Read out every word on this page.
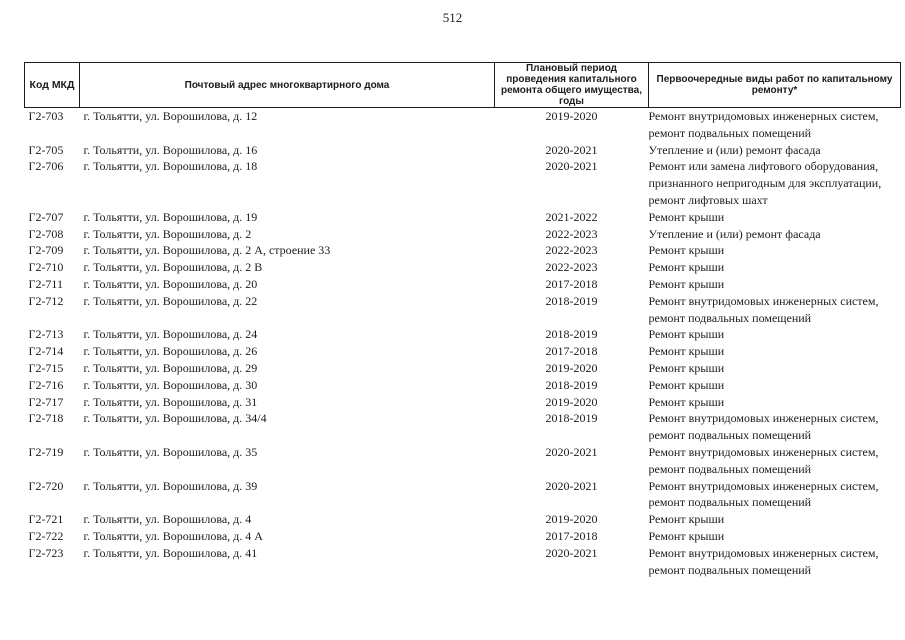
512
Код МКД	Почтовый адрес многоквартирного дома	Плановый период проведения капитального ремонта общего имущества, годы	Первоочередные виды работ по капитальному ремонту*
Г2-703	г. Тольятти, ул. Ворошилова, д. 12	2019-2020	Ремонт внутридомовых инженерных систем,
ремонт подвальных помещений

Г2-705	г. Тольятти, ул. Ворошилова, д. 16	2020-2021	Утепление и (или) ремонт фасада

Г2-706	г. Тольятти, ул. Ворошилова, д. 18	2020-2021	Ремонт или замена лифтового оборудования,
признанного непригодным для эксплуатации,
ремонт лифтовых шахт

Г2-707	г. Тольятти, ул. Ворошилова, д. 19	2021-2022	Ремонт крыши

Г2-708	г. Тольятти, ул. Ворошилова, д. 2	2022-2023	Утепление и (или) ремонт фасада

Г2-709	г. Тольятти, ул. Ворошилова, д. 2 А, строение 33	2022-2023	Ремонт крыши

Г2-710	г. Тольятти, ул. Ворошилова, д. 2 В	2022-2023	Ремонт крыши

Г2-711	г. Тольятти, ул. Ворошилова, д. 20	2017-2018	Ремонт крыши

Г2-712	г. Тольятти, ул. Ворошилова, д. 22	2018-2019	Ремонт внутридомовых инженерных систем,
ремонт подвальных помещений

Г2-713	г. Тольятти, ул. Ворошилова, д. 24	2018-2019	Ремонт крыши

Г2-714	г. Тольятти, ул. Ворошилова, д. 26	2017-2018	Ремонт крыши

Г2-715	г. Тольятти, ул. Ворошилова, д. 29	2019-2020	Ремонт крыши

Г2-716	г. Тольятти, ул. Ворошилова, д. 30	2018-2019	Ремонт крыши

Г2-717	г. Тольятти, ул. Ворошилова, д. 31	2019-2020	Ремонт крыши

Г2-718	г. Тольятти, ул. Ворошилова, д. 34/4	2018-2019	Ремонт внутридомовых инженерных систем,
ремонт подвальных помещений

Г2-719	г. Тольятти, ул. Ворошилова, д. 35	2020-2021	Ремонт внутридомовых инженерных систем,
ремонт подвальных помещений

Г2-720	г. Тольятти, ул. Ворошилова, д. 39	2020-2021	Ремонт внутридомовых инженерных систем,
ремонт подвальных помещений

Г2-721	г. Тольятти, ул. Ворошилова, д. 4	2019-2020	Ремонт крыши

Г2-722	г. Тольятти, ул. Ворошилова, д. 4 А	2017-2018	Ремонт крыши

Г2-723	г. Тольятти, ул. Ворошилова, д. 41	2020-2021	Ремонт внутридомовых инженерных систем,
ремонт подвальных помещений
